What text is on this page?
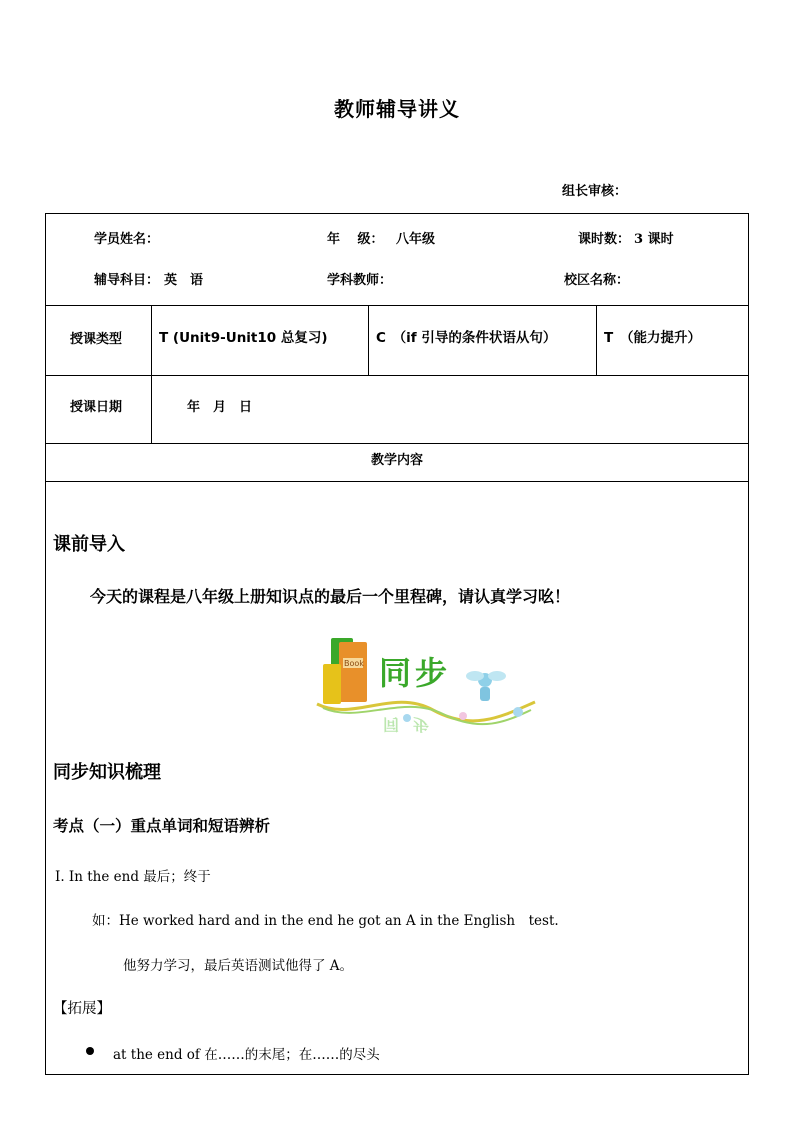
教师辅导讲义
组长审核：
学员姓名：	年　 级： 八年级	课时数： 3 课时
辅导科目： 英　语	学科教师：	校区名称：
授课类型	T (Unit9-Unit10 总复习)	C　（if 引导的条件状语从句）	T　（能力提升）
授课日期	年　月　日
教学内容
课前导入
今天的课程是八年级上册知识点的最后一个里程碑，请认真学习吆！
Book 同步
同步
同步知识梳理
考点（一）重点单词和短语辨析
Ⅰ. In the end 最后；终于
如：He worked hard and in the end he got an A in the English　test.
他努力学习，最后英语测试他得了 A。
【拓展】
at the end of 在……的末尾；在……的尽头
